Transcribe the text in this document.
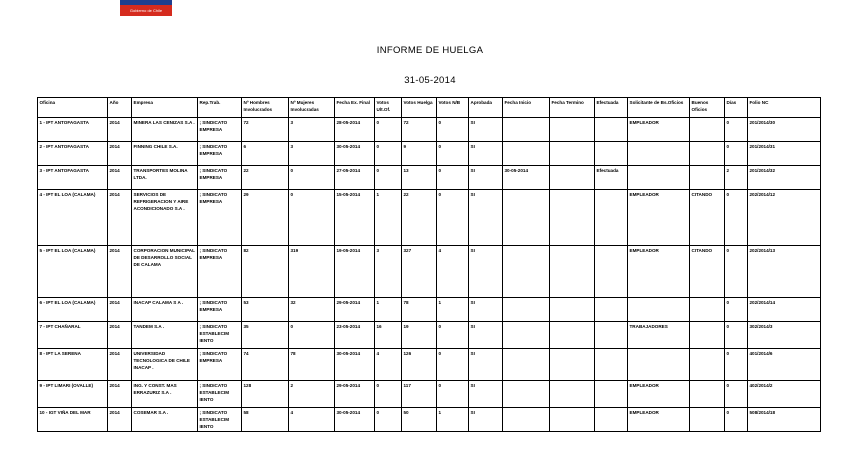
Gobierno de Chile
INFORME DE HUELGA
31-05-2014
Oficina	Año	Empresa	Rep.Trab.	Nº Hombres Involucrados	Nº Mujeres Involucradas	Fecha Ex. Final	Votos Ult.Of.	Votos Huelga	Votos N/B	Aprobada	Fecha Inicio	Fecha Termino	Efectuada	Solicitante de Bs.Oficios	Buenos Oficios	Días	Folio NC
1 - IPT ANTOFAGASTA	2014	MINERA LAS CENIZAS S.A .	; SINDICATO EMPRESA	72	3	28-05-2014	0	72	0	SI				EMPLEADOR		0	201/2014/30
2 - IPT ANTOFAGASTA	2014	FINNING CHILE S.A.	; SINDICATO EMPRESA	6	3	30-05-2014	0	9	0	SI						0	201/2014/31
3 - IPT ANTOFAGASTA	2014	TRANSPORTES MOLINA LTDA.	; SINDICATO EMPRESA	22	0	27-05-2014	0	13	0	SI	30-05-2014		Efectuada			2	201/2014/32
4 - IPT EL LOA (CALAMA)	2014	SERVICIOS DE REFRIGERACION Y AIRE ACONDICIONADO S.A .	; SINDICATO EMPRESA	29	0	15-05-2014	1	22	0	SI				EMPLEADOR	CITANDO	0	202/2014/12
5 - IPT EL LOA (CALAMA)	2014	CORPORACION MUNICIPAL DE DESARROLLO SOCIAL DE CALAMA	; SINDICATO EMPRESA	82	319	19-05-2014	3	327	4	SI				EMPLEADOR	CITANDO	0	202/2014/13
6 - IPT EL LOA (CALAMA)	2014	INACAP CALAMA S A .	; SINDICATO EMPRESA	53	32	29-05-2014	1	78	1	SI						0	202/2014/14
7 - IPT CHAÑARAL	2014	TANDEM S.A .	; SINDICATO ESTABLECIM IENTO	35	0	23-05-2014	16	19	0	SI				TRABAJADORES		0	302/2014/3
8 - IPT LA SERENA	2014	UNIVERSIDAD TECNOLOGICA DE CHILE INACAP .	; SINDICATO EMPRESA	74	78	30-05-2014	4	126	0	SI						0	401/2014/6
9 - IPT LIMARI (OVALLE)	2014	ING. Y CONST. MAS ERRAZURIZ S.A .	; SINDICATO ESTABLECIM IENTO	128	2	29-05-2014	0	117	0	SI				EMPLEADOR		0	402/2014/2
10 - IGT VIÑA DEL MAR	2014	COSEMAR S.A .	; SINDICATO ESTABLECIM IENTO	58	4	30-05-2014	0	50	1	SI				EMPLEADOR		0	508/2014/18
